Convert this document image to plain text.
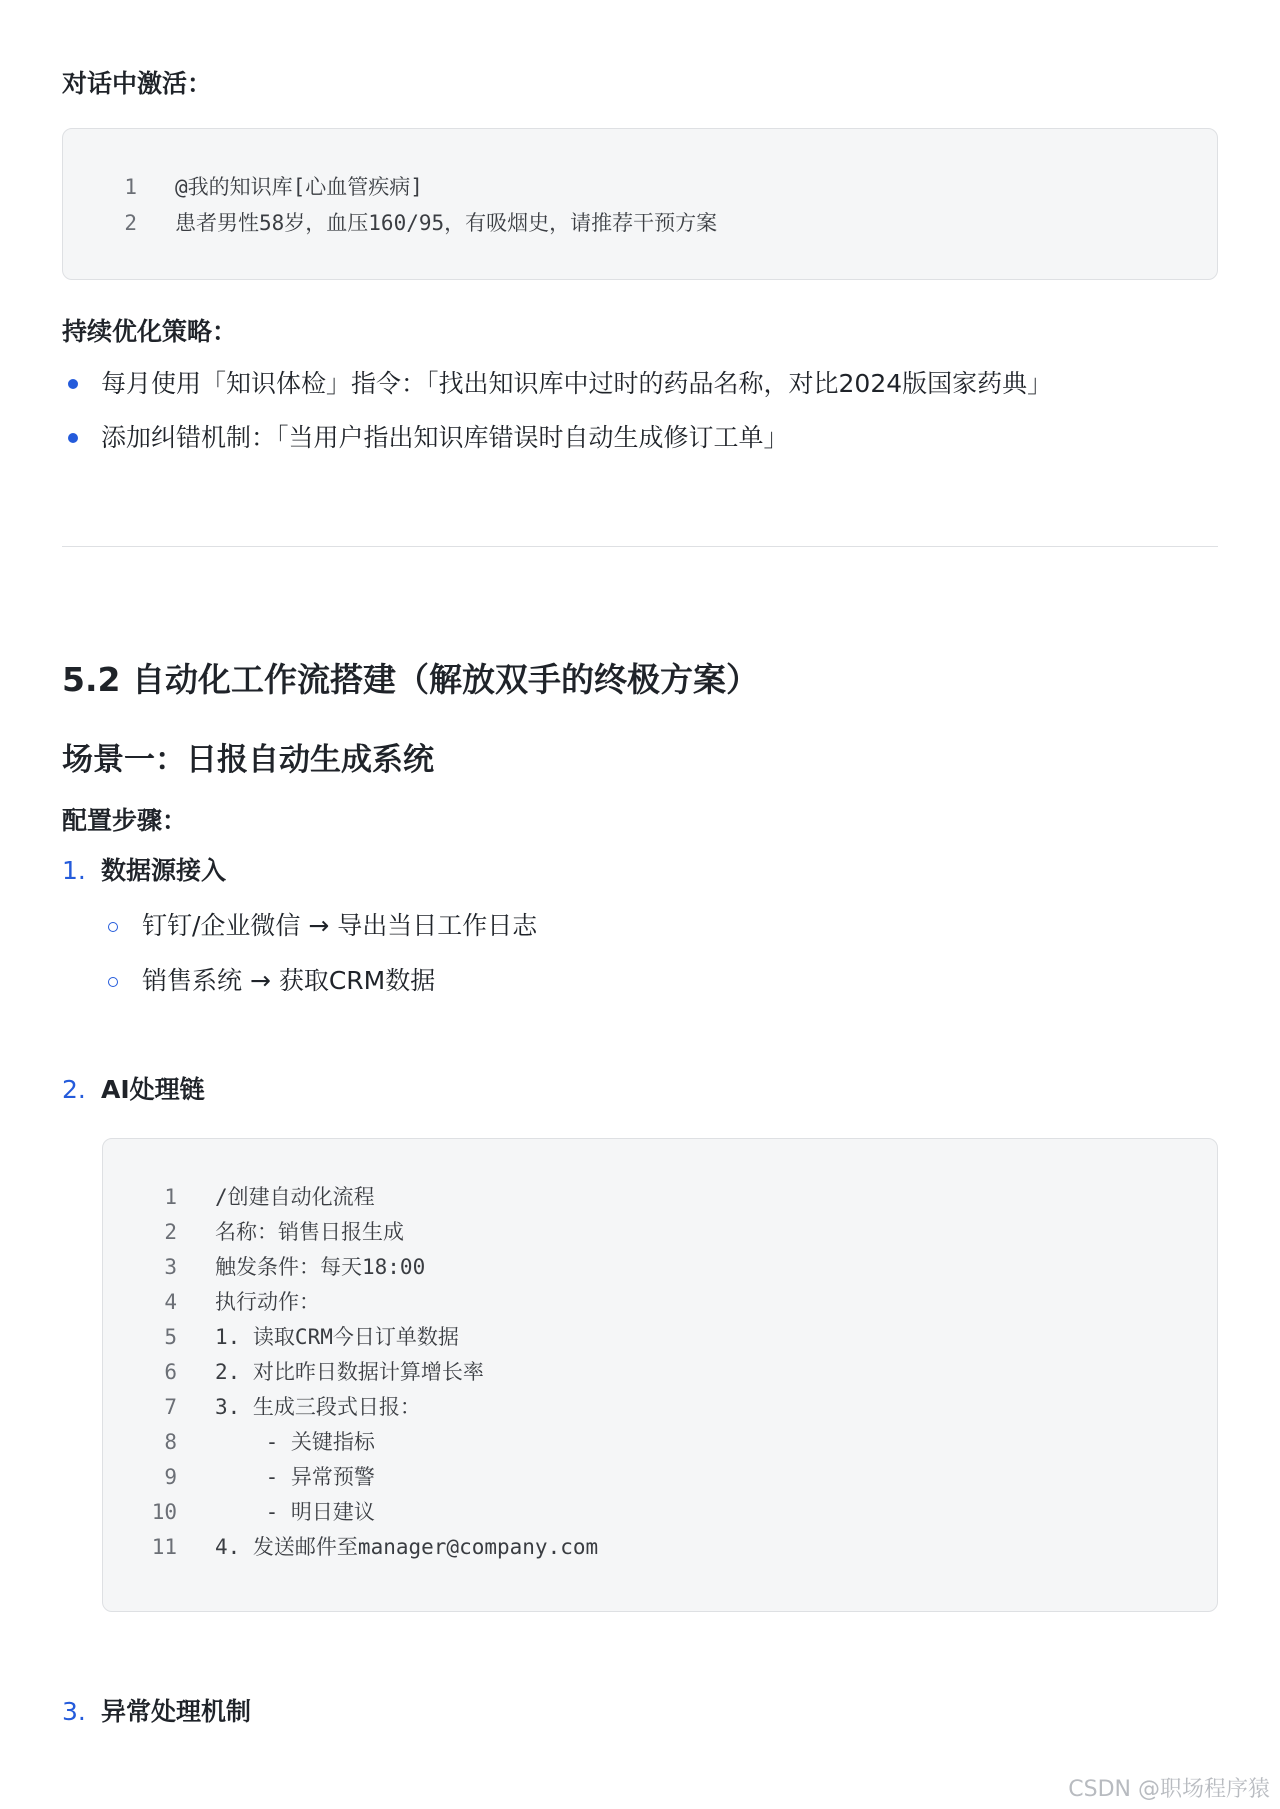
对话中激活：
1 @我的知识库[心血管疾病]
2 患者男性58岁，血压160/95，有吸烟史，请推荐干预方案
持续优化策略：
每月使用「知识体检」指令：「找出知识库中过时的药品名称，对比2024版国家药典」
添加纠错机制：「当用户指出知识库错误时自动生成修订工单」
5.2 自动化工作流搭建（解放双手的终极方案）
场景一：日报自动生成系统
配置步骤：
1. 数据源接入
钉钉/企业微信 → 导出当日工作日志
销售系统 → 获取CRM数据
2. AI处理链
1 /创建自动化流程
2 名称：销售日报生成
3 触发条件：每天18:00
4 执行动作：
5 1. 读取CRM今日订单数据
6 2. 对比昨日数据计算增长率
7 3. 生成三段式日报：
8    - 关键指标
9    - 异常预警
10    - 明日建议
11 4. 发送邮件至manager@company.com
3. 异常处理机制
CSDN @职场程序猿
